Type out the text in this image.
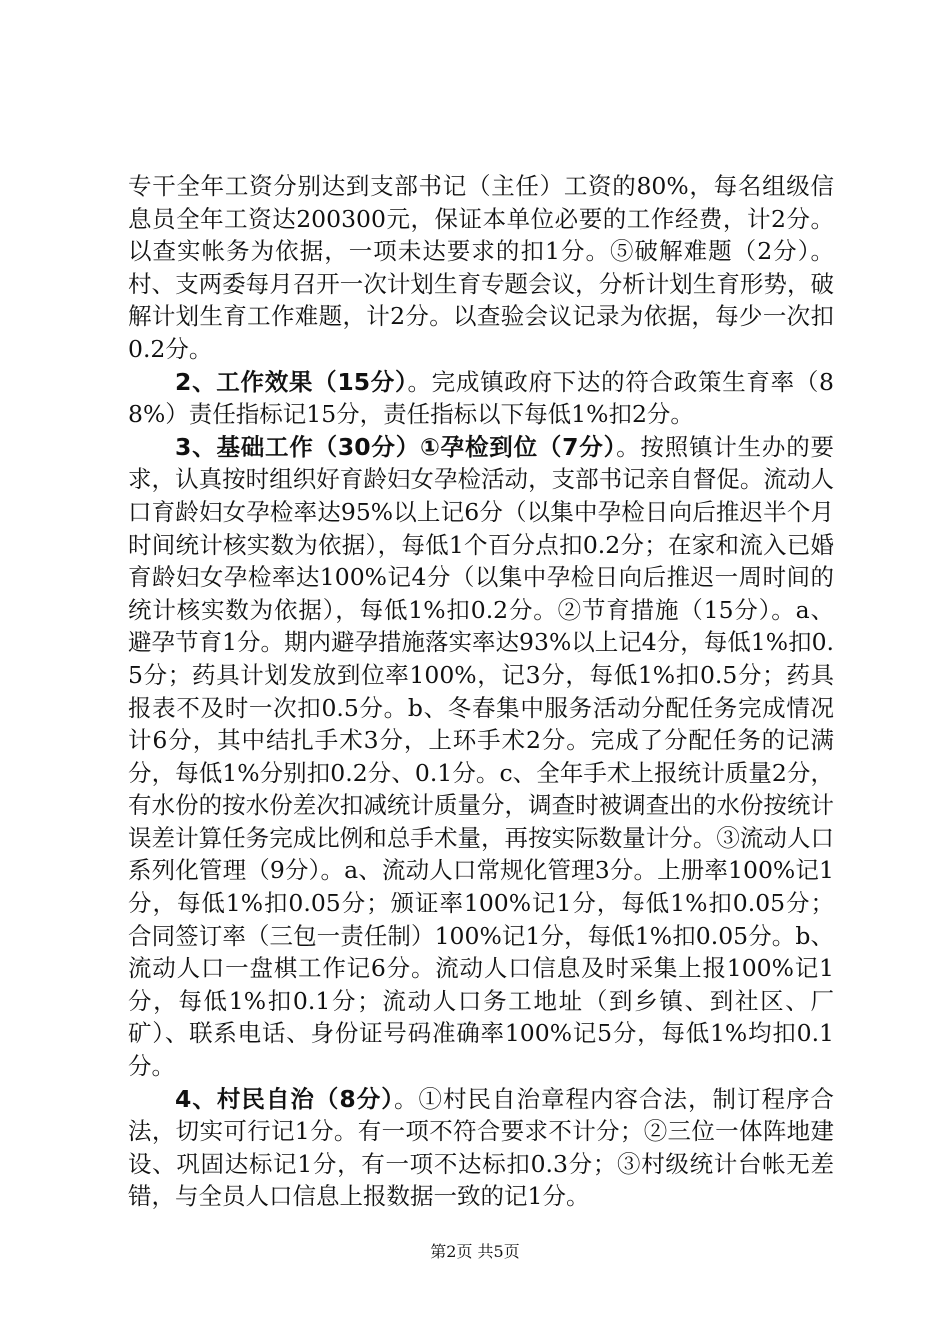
专干全年工资分别达到支部书记（主任）工资的80%，每名组级信息员全年工资达200300元，保证本单位必要的工作经费，计2分。以查实帐务为依据，一项未达要求的扣1分。⑤破解难题（2分）。村、支两委每月召开一次计划生育专题会议，分析计划生育形势，破解计划生育工作难题，计2分。以查验会议记录为依据，每少一次扣0.2分。

2、工作效果（15分）。完成镇政府下达的符合政策生育率（88%）责任指标记15分，责任指标以下每低1%扣2分。

3、基础工作（30分）①孕检到位（7分）。按照镇计生办的要求，认真按时组织好育龄妇女孕检活动，支部书记亲自督促。流动人口育龄妇女孕检率达95%以上记6分（以集中孕检日向后推迟半个月时间统计核实数为依据），每低1个百分点扣0.2分；在家和流入已婚育龄妇女孕检率达100%记4分（以集中孕检日向后推迟一周时间的统计核实数为依据），每低1%扣0.2分。②节育措施（15分）。a、避孕节育1分。期内避孕措施落实率达93%以上记4分，每低1%扣0.5分；药具计划发放到位率100%，记3分，每低1%扣0.5分；药具报表不及时一次扣0.5分。b、冬春集中服务活动分配任务完成情况计6分，其中结扎手术3分，上环手术2分。完成了分配任务的记满分，每低1%分别扣0.2分、0.1分。c、全年手术上报统计质量2分，有水份的按水份差次扣减统计质量分，调查时被调查出的水份按统计误差计算任务完成比例和总手术量，再按实际数量计分。③流动人口系列化管理（9分）。a、流动人口常规化管理3分。上册率100%记1分，每低1%扣0.05分；颁证率100%记1分，每低1%扣0.05分；合同签订率（三包一责任制）100%记1分，每低1%扣0.05分。b、流动人口一盘棋工作记6分。流动人口信息及时采集上报100%记1分，每低1%扣0.1分；流动人口务工地址（到乡镇、到社区、厂矿）、联系电话、身份证号码准确率100%记5分，每低1%均扣0.1分。

4、村民自治（8分）。①村民自治章程内容合法，制订程序合法，切实可行记1分。有一项不符合要求不计分；②三位一体阵地建设、巩固达标记1分，有一项不达标扣0.3分；③村级统计台帐无差错，与全员人口信息上报数据一致的记1分。

第2页 共5页
